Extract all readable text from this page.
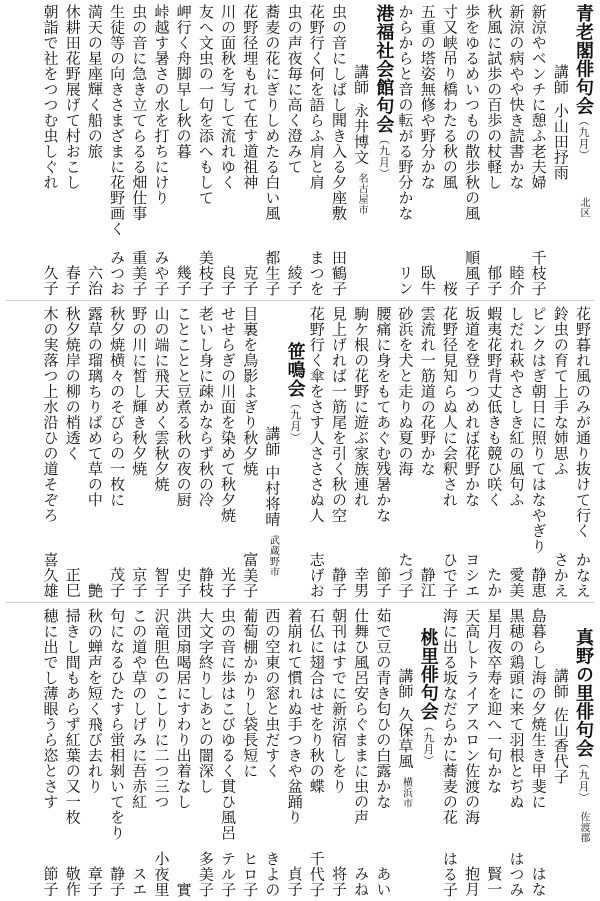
青老閣俳句会（九月）北区
講師小山田抒雨
新涼やベンチに憩ふ老夫婦
千枝子
新涼の病やや快き読書かな
睦介
秋風に試歩の百歩の杖軽し
郁子
歩をゆるめいつもの散歩秋の風
順風子
寸又峡吊り橋わたる秋の風
桜
五重の塔姿無修や野分かな
臥牛
からからと音の転がる野分かな
リン
港福社会館句会（九月）
講師永井博文名古屋市
虫の音にしばし聞き入る夕座敷
田鶴子
花野行く何を語らふ肩と肩
まつを
虫の声夜毎に高く澄みて
綾子
蕎麦の花にぎりしめたる白い風
都生子
花野径埋もれて在す道祖神
克子
川の面秋を写して流れゆく
良子
友へ文虫の一句を添へもして
美枝子
岬行く舟脚早し秋の暮
幾子
峠越す暑さの水を打ちにけり
みや子
虫の音に急き立てらるる畑仕事
重美子
生徒等の向きさまざまに花野画く
みつお
満天の星座輝く船の旅
六治
休耕田花野展げて村おこし
春子
朝詣で社をつつむ虫しぐれ
久子
花野暮れ風のみが通り抜けて行く
かなえ
鈴虫の育て上手な姉思ふ
さかえ
ピンクはぎ朝日に照りてはなやぎり
静恵
しだれ萩やさしき紅の風句ふ
愛美
蝦夷花野背丈低きも競ひ咲く
たか
坂道を登りつめれば花野かな
ヨシエ
花野径見知らぬ人に会釈され
ひで子
雲流れ一筋道の花野かな
静江
砂浜を犬と走りぬ夏の海
たづ子
腰痛に身をもてあぐむ残暑かな
節子
駒ケ根の花野に遊ぶ家族連れ
幸男
見上げれば一筋尾を引く秋の空
静子
花野行く傘をさす人さささぬ人
志げお
笹鳴会（九月）
講師中村将晴武蔵野市
目裏を鳥影よぎり秋夕焼
富美子
せせらぎの川面を染めて秋夕焼
光子
老いし身に疎かならず秋の冷
静枝
ことことと豆煮る秋の夜の厨
史子
山の端に飛天めく雲秋夕焼
智子
野の川に皙し輝き秋夕焼
京子
秋夕焼横々のそびらの一枚に
茂子
露草の瑠璃ちりばめて草の中
艶
秋夕焼岸の柳の梢透く
正巳
木の実落つ上水沿ひの道そぞろ
喜久雄
真野の里俳句会（九月）佐渡郡
講師佐山香代子
島暮らし海の夕焼生き甲斐に
はな
黒穂の鶏頭に来て羽根とぢぬ
はつみ
星月夜卒寿を迎へ一句かな
賢一
天高しトライアスロン佐渡の海
抱月
海に出る坂なだらかに蕎麦の花
はる子
桃里俳句会（九月）
講師久保草風横浜市
茹で豆の青き匂ひの白露かな
あい
仕舞ひ風呂安らぐままに虫の声
みね
朝刊はすでに新涼宿しをり
将子
石仏に翅合はせをり秋の蝶
千代子
着崩れて慣れぬ手つきや盆踊り
貞子
西の空東の窓と虫だすく
きよの
葡萄棚かかりし袋長短に
ヒロ子
虫の音に歩はこびゆるく貫ひ風呂
テル子
大文字終りしあとの闇深し
多美子
洪団扇喝居にすわり出着なし
實
沢竜胆色のこしりに二つ三つ
小夜里
この道や草のしげみに吾赤紅
スエ
句になるひたすら蛍相剝いてをり
静子
秋の蝉声を短く飛び去れり
章子
掃きし間もあらず紅葉の又一枚
敬作
穂に出でし薄眼うら恣とさす
節子
